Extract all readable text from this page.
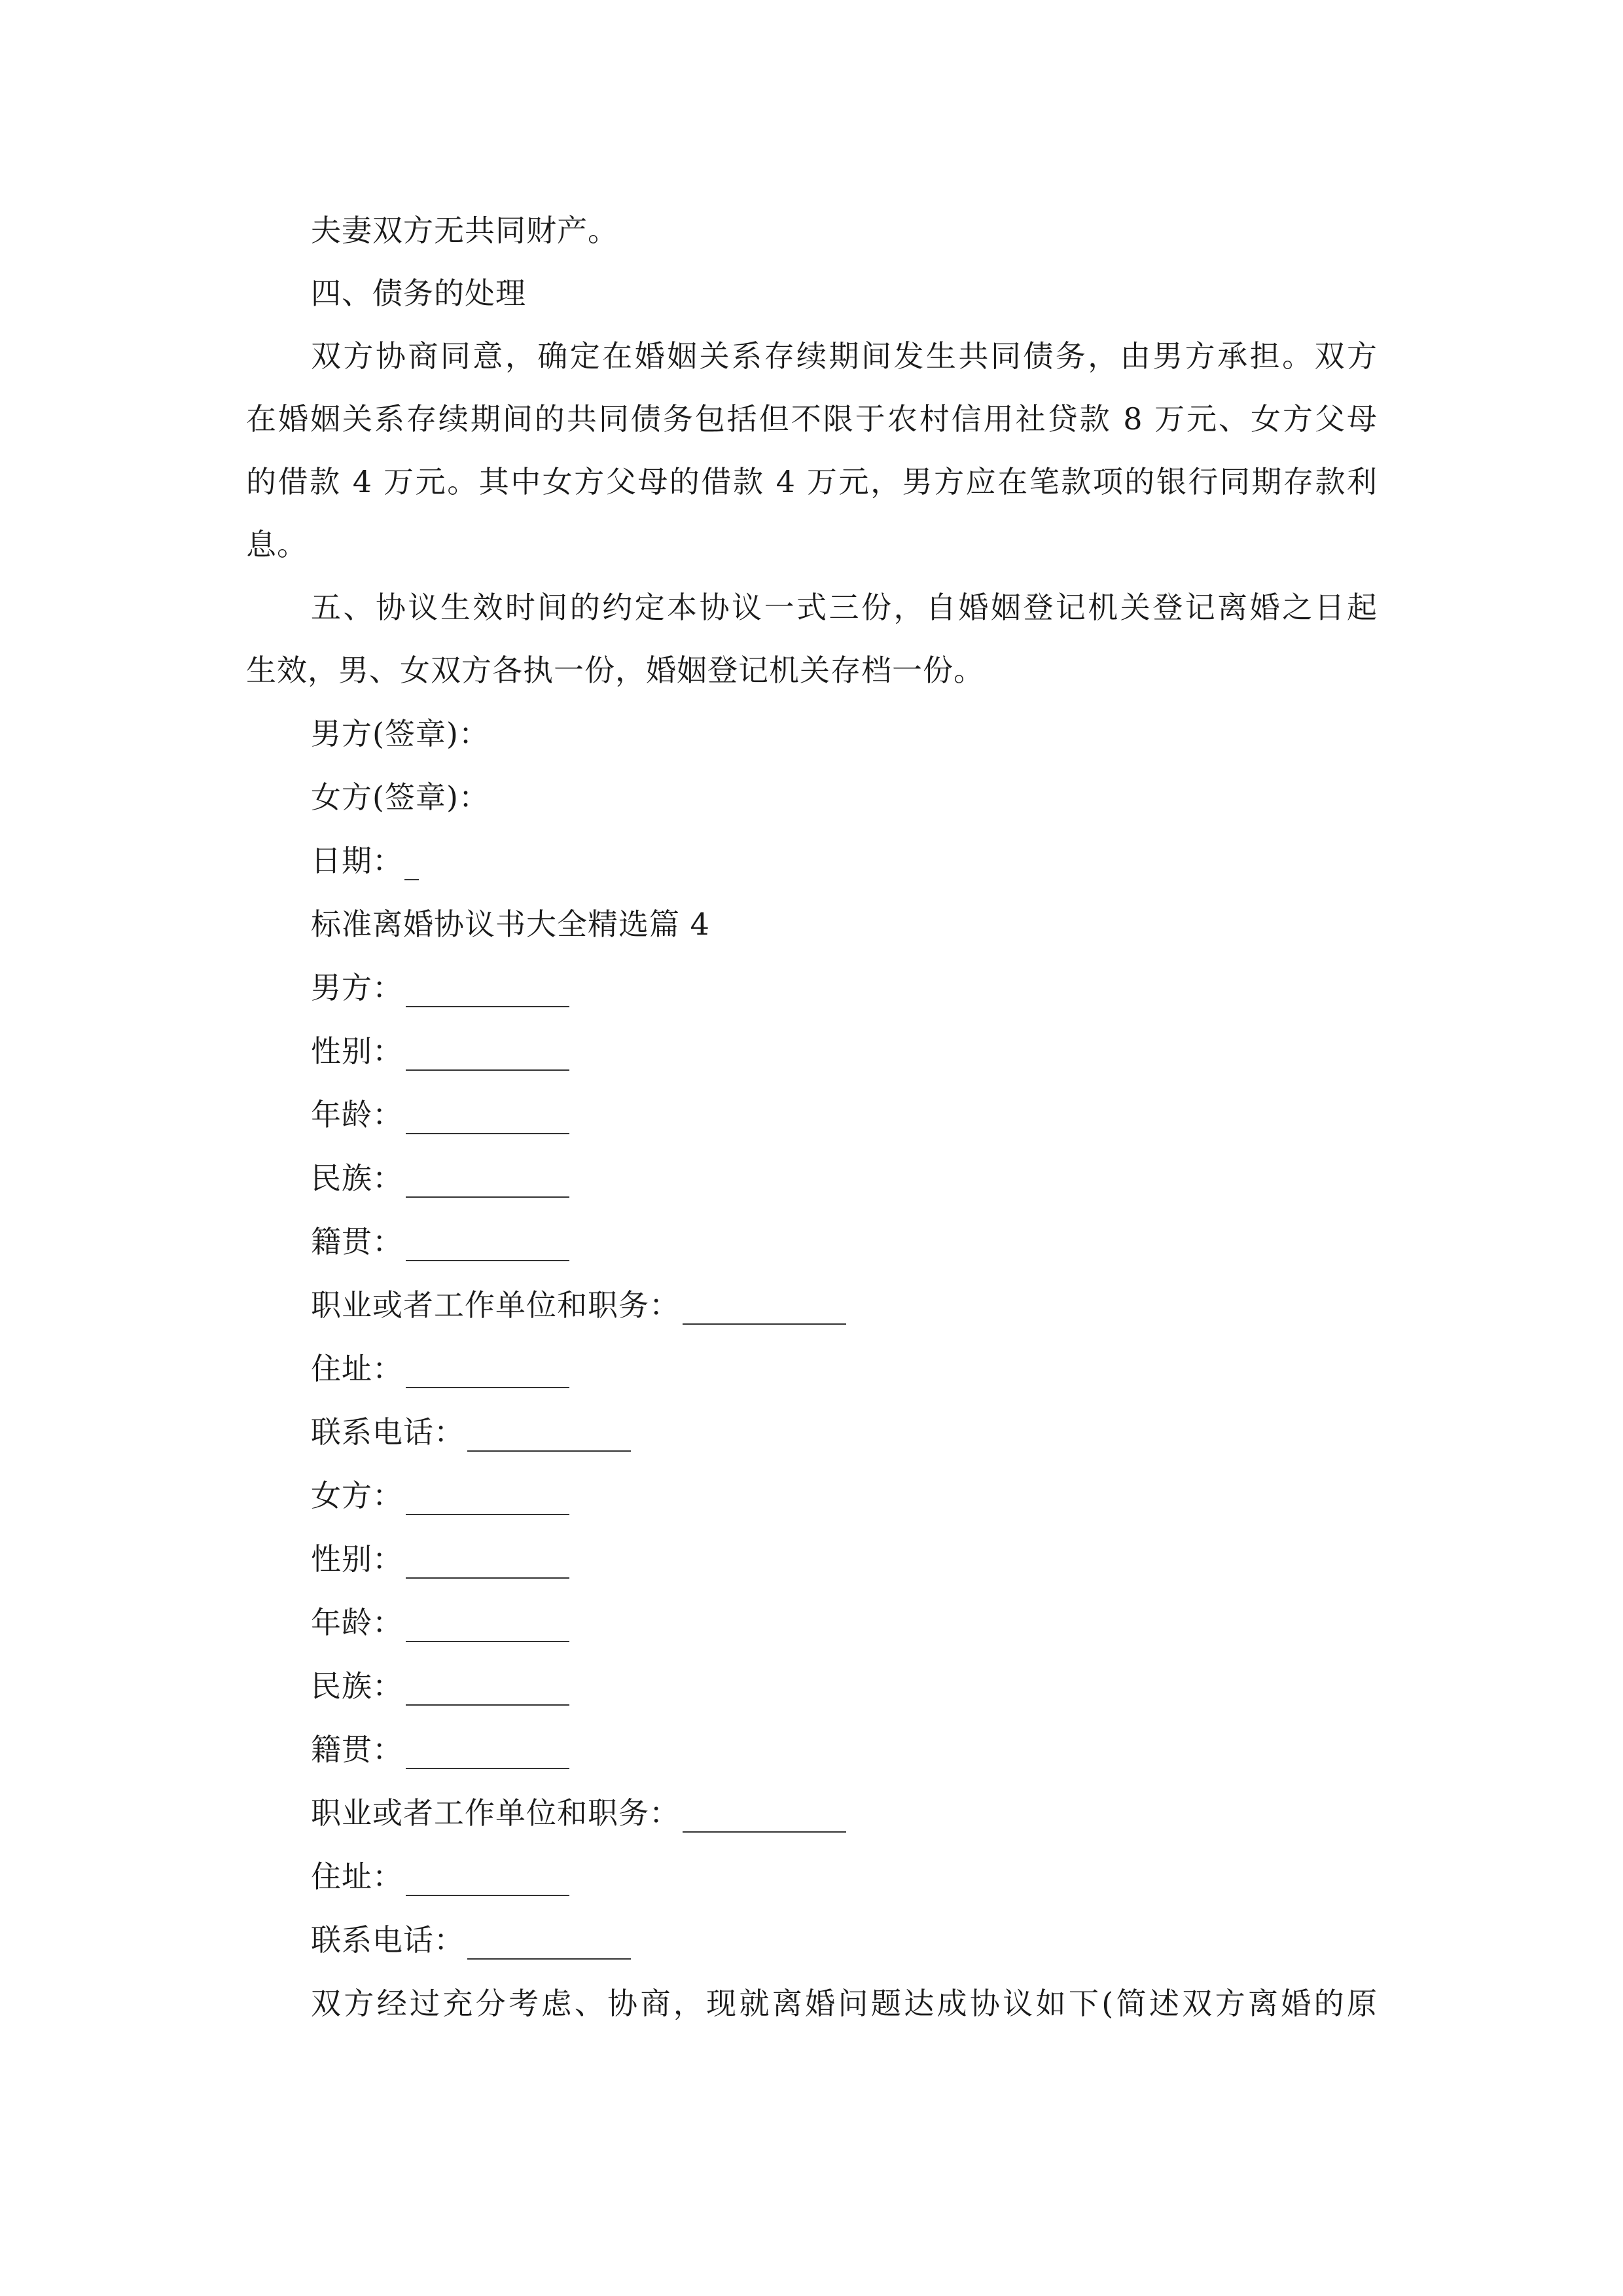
夫妻双方无共同财产。
四、债务的处理
双方协商同意，确定在婚姻关系存续期间发生共同债务，由男方承担。双方
在婚姻关系存续期间的共同债务包括但不限于农村信用社贷款 8 万元、女方父母
的借款 4 万元。其中女方父母的借款 4 万元，男方应在笔款项的银行同期存款利
息。
五、协议生效时间的约定本协议一式三份，自婚姻登记机关登记离婚之日起
生效，男、女双方各执一份，婚姻登记机关存档一份。
男方(签章)：
女方(签章)：
日期：
标准离婚协议书大全精选篇 4
男方：
性别：
年龄：
民族：
籍贯：
职业或者工作单位和职务：
住址：
联系电话：
女方：
性别：
年龄：
民族：
籍贯：
职业或者工作单位和职务：
住址：
联系电话：
双方经过充分考虑、协商，现就离婚问题达成协议如下(简述双方离婚的原
